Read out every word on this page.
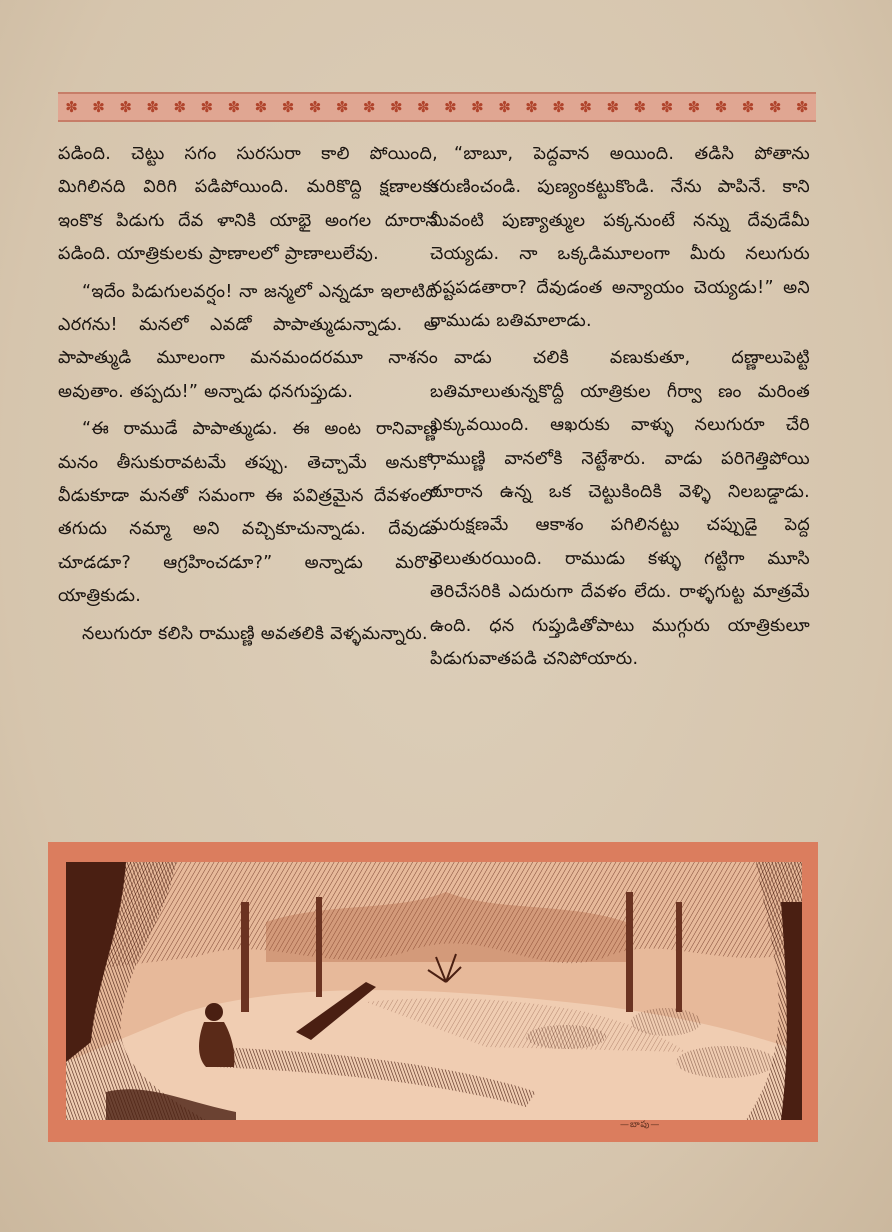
✽ ✽ ✽ ✽ ✽ ✽ ✽ ✽ ✽ ✽ ✽ ✽ ✽ ✽ ✽ ✽ ✽ ✽ ✽ ✽ ✽ ✽ ✽ ✽ ✽ ✽ ✽ ✽

పడింది. చెట్టు సగం సురసురా కాలి పోయింది, మిగిలినది విరిగి పడిపోయింది. మరికొద్ది క్షణాలకు ఇంకొక పిడుగు దేవ ళానికి యాభై అంగల దూరాన పడింది. యాత్రికులకు ప్రాణాలలో ప్రాణాలులేవు.

“ఇదేం పిడుగులవర్షం! నా జన్మలో ఎన్నడూ ఇలాటిది ఎరగను! మనలో ఎవడో పాపాత్ముడున్నాడు. ఆ పాపాత్ముడి మూలంగా మనమందరమూ నాశనం అవుతాం. తప్పదు!” అన్నాడు ధనగుప్తుడు.

“ఈ రాముడే పాపాత్ముడు. ఈ అంట రానివాణ్ణి మనం తీసుకురావటమే తప్పు. తెచ్చామే అనుకో, వీడుకూడా మనతో సమంగా ఈ పవిత్రమైన దేవళంలో తగుదు నమ్మా అని వచ్చికూచున్నాడు. దేవుడు చూడడూ? ఆగ్రహించడూ?” అన్నాడు మరొక యాత్రికుడు.

నలుగురూ కలిసి రాముణ్ణి అవతలికి వెళ్ళమన్నారు.

“బాబూ, పెద్దవాన అయింది. తడిసి పోతాను కరుణించండి. పుణ్యంకట్టుకొండి. నేను పాపినే. కాని మీవంటి పుణ్యాత్ముల పక్కనుంటే నన్ను దేవుడేమీ చెయ్యడు. నా ఒక్కడిమూలంగా మీరు నలుగురు నష్టపడతారా? దేవుడంత అన్యాయం చెయ్యడు!” అని రాముడు బతిమాలాడు.

వాడు చలికి వణుకుతూ, దణ్ణాలుపెట్టి బతిమాలుతున్నకొద్దీ యాత్రికుల గీర్వా ణం మరింత ఎక్కువయింది. ఆఖరుకు వాళ్ళు నలుగురూ చేరి రాముణ్ణి వానలోకి నెట్టేశారు. వాడు పరిగెత్తిపోయి దూరాన ఉన్న ఒక చెట్టుకిందికి వెళ్ళి నిలబడ్డాడు. మరుక్షణమే ఆకాశం పగిలినట్టు చప్పుడై పెద్ద వెలుతురయింది. రాముడు కళ్ళు గట్టిగా మూసి తెరిచేసరికి ఎదురుగా దేవళం లేదు. రాళ్ళగుట్ట మాత్రమే ఉంది. ధన గుప్తుడితోపాటు ముగ్గురు యాత్రికులూ పిడుగువాతపడి చనిపోయారు.

—బాపు—
